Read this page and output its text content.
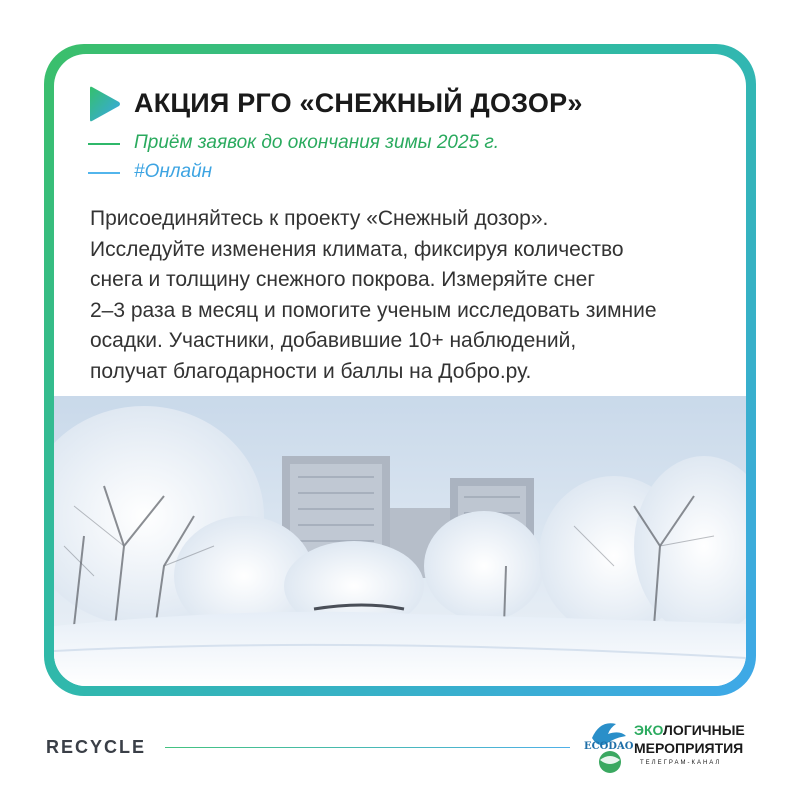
АКЦИЯ РГО «СНЕЖНЫЙ ДОЗОР»
Приём заявок до окончания зимы 2025 г.
#Онлайн
Присоединяйтесь к проекту «Снежный дозор».
Исследуйте изменения климата, фиксируя количество
снега и толщину снежного покрова. Измеряйте снег
2–3 раза в месяц и помогите ученым исследовать зимние
осадки. Участники, добавившие 10+ наблюдений,
получат благодарности и баллы на Добро.ру.
RECYCLE	ECODAO
ЭКОЛОГИЧНЫЕ
МЕРОПРИЯТИЯ
ТЕЛЕГРАМ-КАНАЛ
